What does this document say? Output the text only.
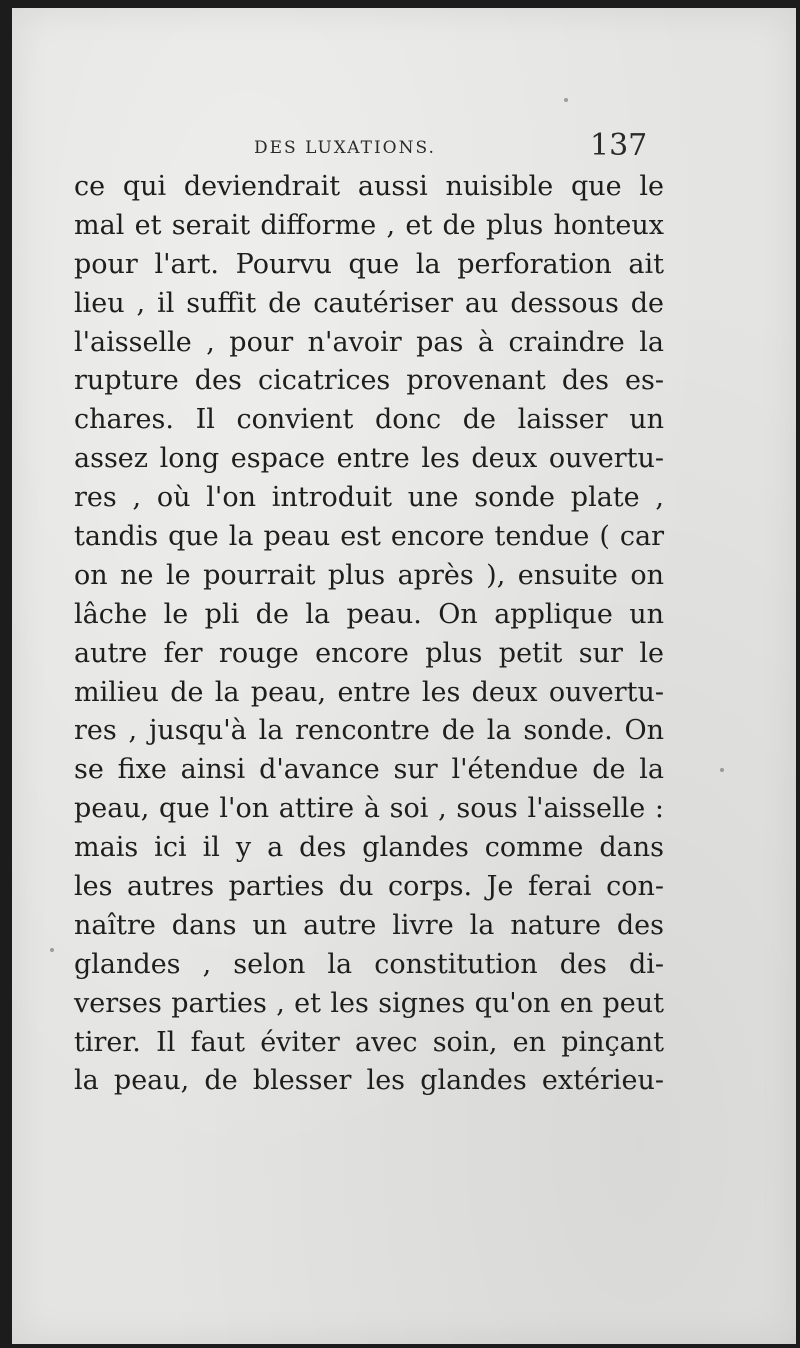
DES LUXATIONS.	137
ce qui deviendrait aussi nuisible que le
mal et serait difforme , et de plus honteux
pour l'art. Pourvu que la perforation ait
lieu , il suffit de cautériser au dessous de
l'aisselle , pour n'avoir pas à craindre la
rupture des cicatrices provenant des es-
chares. Il convient donc de laisser un
assez long espace entre les deux ouvertu-
res , où l'on introduit une sonde plate ,
tandis que la peau est encore tendue ( car
on ne le pourrait plus après ), ensuite on
lâche le pli de la peau. On applique un
autre fer rouge encore plus petit sur le
milieu de la peau, entre les deux ouvertu-
res , jusqu'à la rencontre de la sonde. On
se fixe ainsi d'avance sur l'étendue de la
peau, que l'on attire à soi , sous l'aisselle :
mais ici il y a des glandes comme dans
les autres parties du corps. Je ferai con-
naître dans un autre livre la nature des
glandes , selon la constitution des di-
verses parties , et les signes qu'on en peut
tirer. Il faut éviter avec soin, en pinçant
la peau, de blesser les glandes extérieu-
